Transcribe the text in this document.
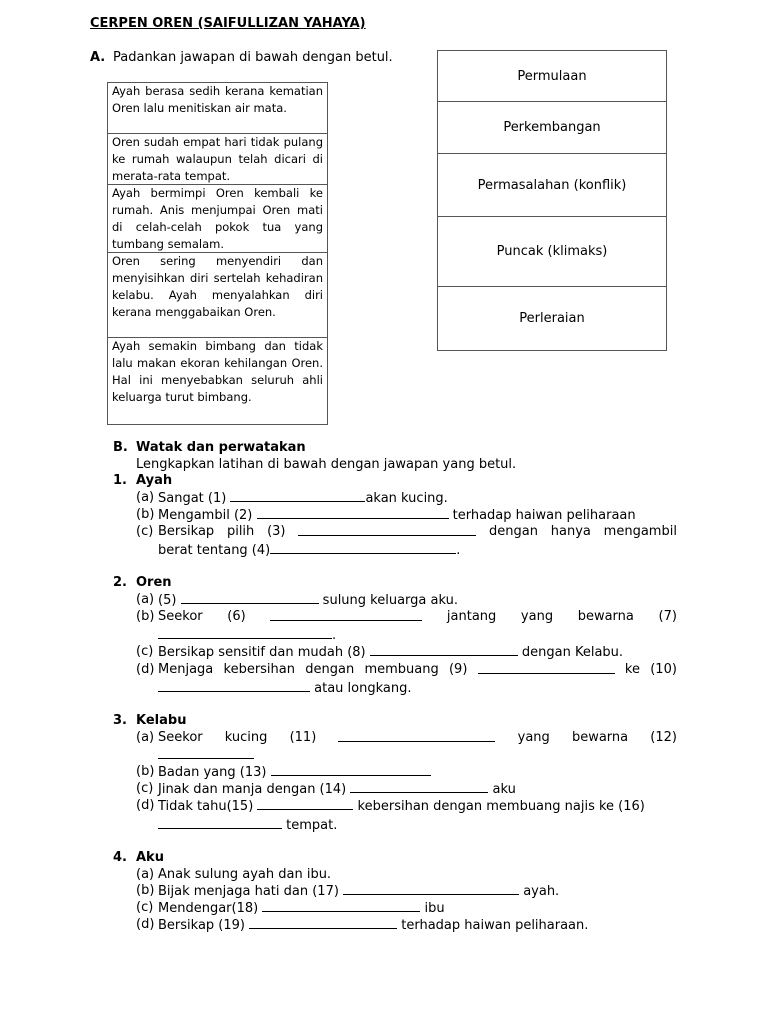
CERPEN OREN (SAIFULLIZAN YAHAYA)
A. Padankan jawapan di bawah dengan betul.
Ayah berasa sedih kerana kematian Oren lalu menitiskan air mata.
Oren sudah empat hari tidak pulang ke rumah walaupun telah dicari di merata-rata tempat.
Ayah bermimpi Oren kembali ke rumah. Anis menjumpai Oren mati di celah-celah pokok tua yang tumbang semalam.
Oren sering menyendiri dan menyisihkan diri sertelah kehadiran kelabu. Ayah menyalahkan diri kerana menggabaikan Oren.
Ayah semakin bimbang dan tidak lalu makan ekoran kehilangan Oren. Hal ini menyebabkan seluruh ahli keluarga turut bimbang.
Permulaan
Perkembangan
Permasalahan (konflik)
Puncak (klimaks)
Perleraian
B. Watak dan perwatakan
Lengkapkan latihan di bawah dengan jawapan yang betul.
1. Ayah
(a) Sangat (1)	akan kucing.
(b) Mengambil (2)	terhadap haiwan peliharaan
(c) Bersikap pilih (3)	dengan hanya mengambil
berat tentang (4)	.
2. Oren
(a) (5)	sulung keluarga aku.
(b) Seekor (6)	jantang yang bewarna (7)
.
(c) Bersikap sensitif dan mudah (8)	dengan Kelabu.
(d) Menjaga kebersihan dengan membuang (9)	ke (10)
atau longkang.
3. Kelabu
(a) Seekor kucing (11)	yang bewarna (12)
(b) Badan yang (13)
(c) Jinak dan manja dengan (14)	aku
(d) Tidak tahu(15)	kebersihan dengan membuang najis ke (16)
tempat.
4. Aku
(a) Anak sulung ayah dan ibu.
(b) Bijak menjaga hati dan (17)	ayah.
(c) Mendengar(18)	ibu
(d) Bersikap (19)	terhadap haiwan peliharaan.
